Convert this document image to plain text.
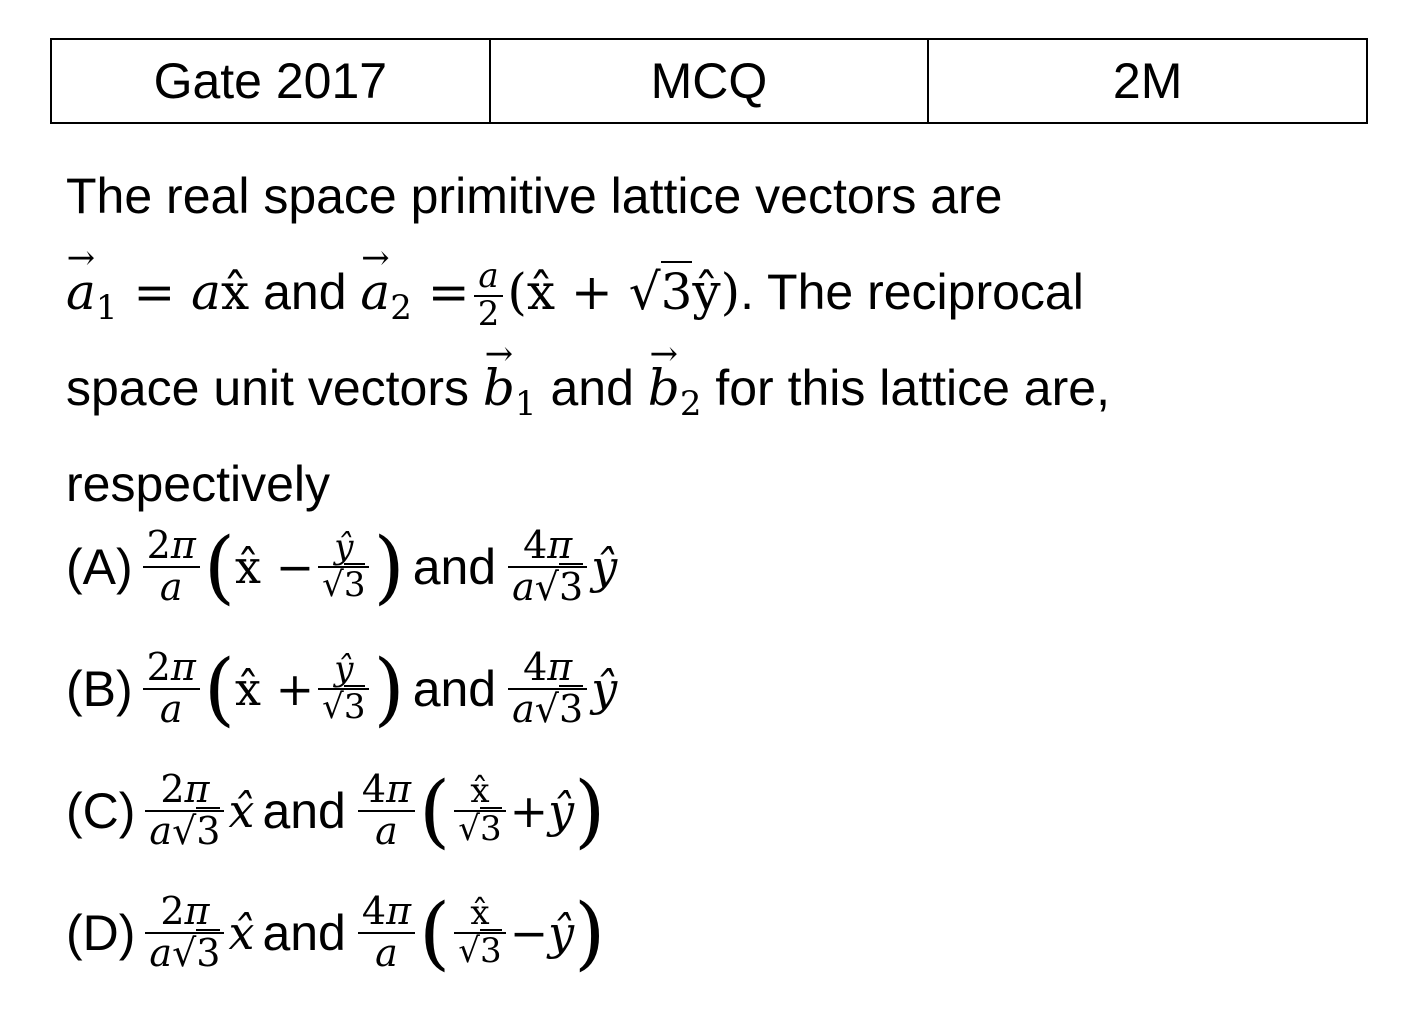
Gate 2017	MCQ	2M
The real space primitive lattice vectors are
→ $a_1$ = ax̂ and → $a_2 = \frac{a}{2}$ (x̂ + √3ŷ). The reciprocal
space unit vectors → $b_1$ and → $b_2$ for this lattice are,
respectively
$(A) \frac{2\pi}{a}$ ( x̂ − $\frac{ŷ}{√3}$ ) and $\frac{4\pi}{a√3}$ ŷ
$(B) \frac{2\pi}{a}$ ( x̂ + $\frac{ŷ}{√3}$ ) and $\frac{4\pi}{a√3}$ ŷ
$(C) \frac{2\pi}{a√3}$ x̂ and $\frac{4\pi}{a}$ ( $\frac{x̂}{√3}$ + ŷ )
$(D) \frac{2\pi}{a√3}$ x̂ and $\frac{4\pi}{a}$ ( $\frac{x̂}{√3}$ − ŷ )
